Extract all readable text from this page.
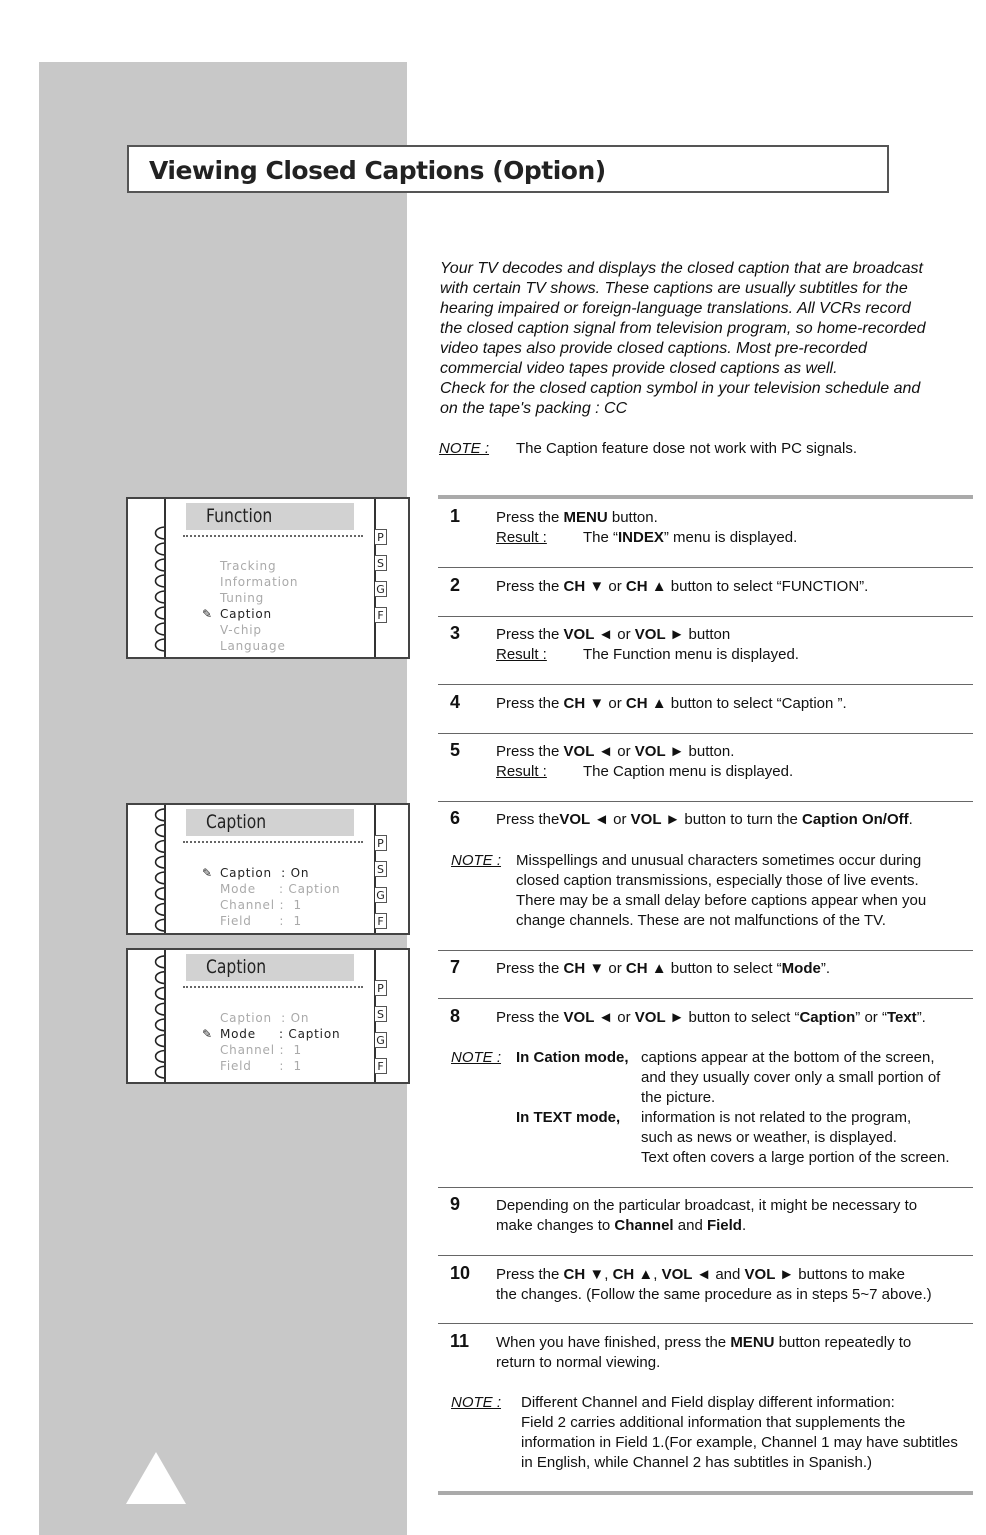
Viewing Closed Captions (Option)

Your TV decodes and displays the closed caption that are broadcast

with certain TV shows. These captions are usually subtitles for the

hearing impaired or foreign-language translations. All VCRs record

the closed caption signal from television program, so home-recorded

video tapes also provide closed captions. Most pre-recorded

commercial video tapes provide closed captions as well.

Check for the closed caption symbol in your television schedule and

on the tape's packing : CC

NOTE : The Caption feature dose not work with PC signals.
1 Press the MENU button.
Result : The “INDEX” menu is displayed.
2 Press the CH ▼ or CH ▲ button to select “FUNCTION”.
3 Press the VOL ◄ or VOL ► button
Result : The Function menu is displayed.
4 Press the CH ▼ or CH ▲ button to select “Caption ”.
5 Press the VOL ◄ or VOL ► button.
Result : The Caption menu is displayed.
6 Press theVOL ◄ or VOL ► button to turn the Caption On/Off.
NOTE : Misspellings and unusual characters sometimes occur during
closed caption transmissions, especially those of live events.
There may be a small delay before captions appear when you
change channels. These are not malfunctions of the TV.
7 Press the CH ▼ or CH ▲ button to select “Mode”.
8 Press the VOL ◄ or VOL ► button to select “Caption” or “Text”.
NOTE : In Cation mode, captions appear at the bottom of the screen,
and they usually cover only a small portion of
the picture.
In TEXT mode, information is not related to the program,
such as news or weather, is displayed.
Text often covers a large portion of the screen.
9 Depending on the particular broadcast, it might be necessary to
make changes to Channel and Field.
10 Press the CH ▼, CH ▲, VOL ◄ and VOL ► buttons to make
the changes. (Follow the same procedure as in steps 5~7 above.)
11 When you have finished, press the MENU button repeatedly to
return to normal viewing.
NOTE : Different Channel and Field display different information:
Field 2 carries additional information that supplements the
information in Field 1.(For example, Channel 1 may have subtitles
in English, while Channel 2 has subtitles in Spanish.)
Function
Tracking
Information
Tuning
✎ Caption
V-chip
Language
P
S
G
F
Caption
✎ Caption  : On
Mode     : Caption
Channel :  1
Field      :  1
P
S
G
F
Caption
Caption  : On
✎ Mode     : Caption
Channel :  1
Field      :  1
P
S
G
F
